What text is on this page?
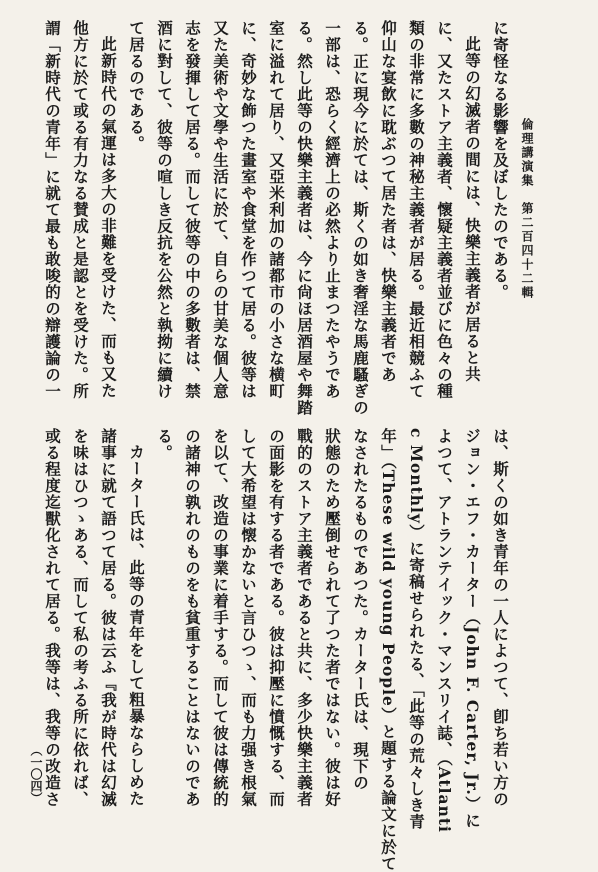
倫理講演集
第二百四十二輯
に寄怪なる影響を及ぼしたのである。
此等の幻滅者の間には、快樂主義者が居ると共
に、又たストア主義者、懷疑主義者並びに色々の種
類の非常に多數の神秘主義者が居る。最近相競ふて
仰山な宴飲に耽ぶつて居た者は、快樂主義者であ
る。正に現今に於ては、斯くの如き奢淫な馬鹿騷ぎの
一部は、恐らく經濟上の必然より止まつたやうであ
る。然し此等の快樂主義者は、今に尙ほ居酒屋や舞踏
室に溢れて居り、又亞米利加の諸都市の小さな横町
に、奇妙な飾つた畫室や食堂を作つて居る。彼等は
又た美術や文學や生活に於て、自らの甘美な個人意
志を發揮して居る。而して彼等の中の多數者は、禁
酒に對して、彼等の喧しき反抗を公然と執拗に續け
て居るのである。
此新時代の氣運は多大の非難を受けた、而も又た
他方に於て或る有力なる賛成と是認とを受けた。所
謂「新時代の青年」に就て最も敢唆的の辯護論の一
は、斯くの如き青年の一人によつて、卽ち若い方の
ジョン・エフ・カーター（John F. Carter, Jr.）に
よつて、アトランテイック・マンスリイ誌、（Atlanti
c Monthly）に寄稿せられたる、「此等の荒々しき青
年」（These wild young People）と題する論文に於て
なされたるものであつた。カーター氏は、現下の
狀態のため壓倒せられて了つた者ではない。彼は好
戰的のストア主義者であると共に、多少快樂主義者
の面影を有する者である。彼は抑壓に憤慨する、而
して大希望は懐かないと言ひつゝ、而も力强き根氣
を以て、改造の事業に着手する。而して彼は傳統的
の諸神の孰れのものをも貧重することはないのであ
る。
カーター氏は、此等の青年をして粗暴ならしめた
諸事に就て語つて居る。彼は云ふ『我が時代は幻滅
を味はひつゝある、而して私の考ふる所に依れば、
或る程度迄獸化されて居る。我等は、我等の改造さ
（一〇四）
